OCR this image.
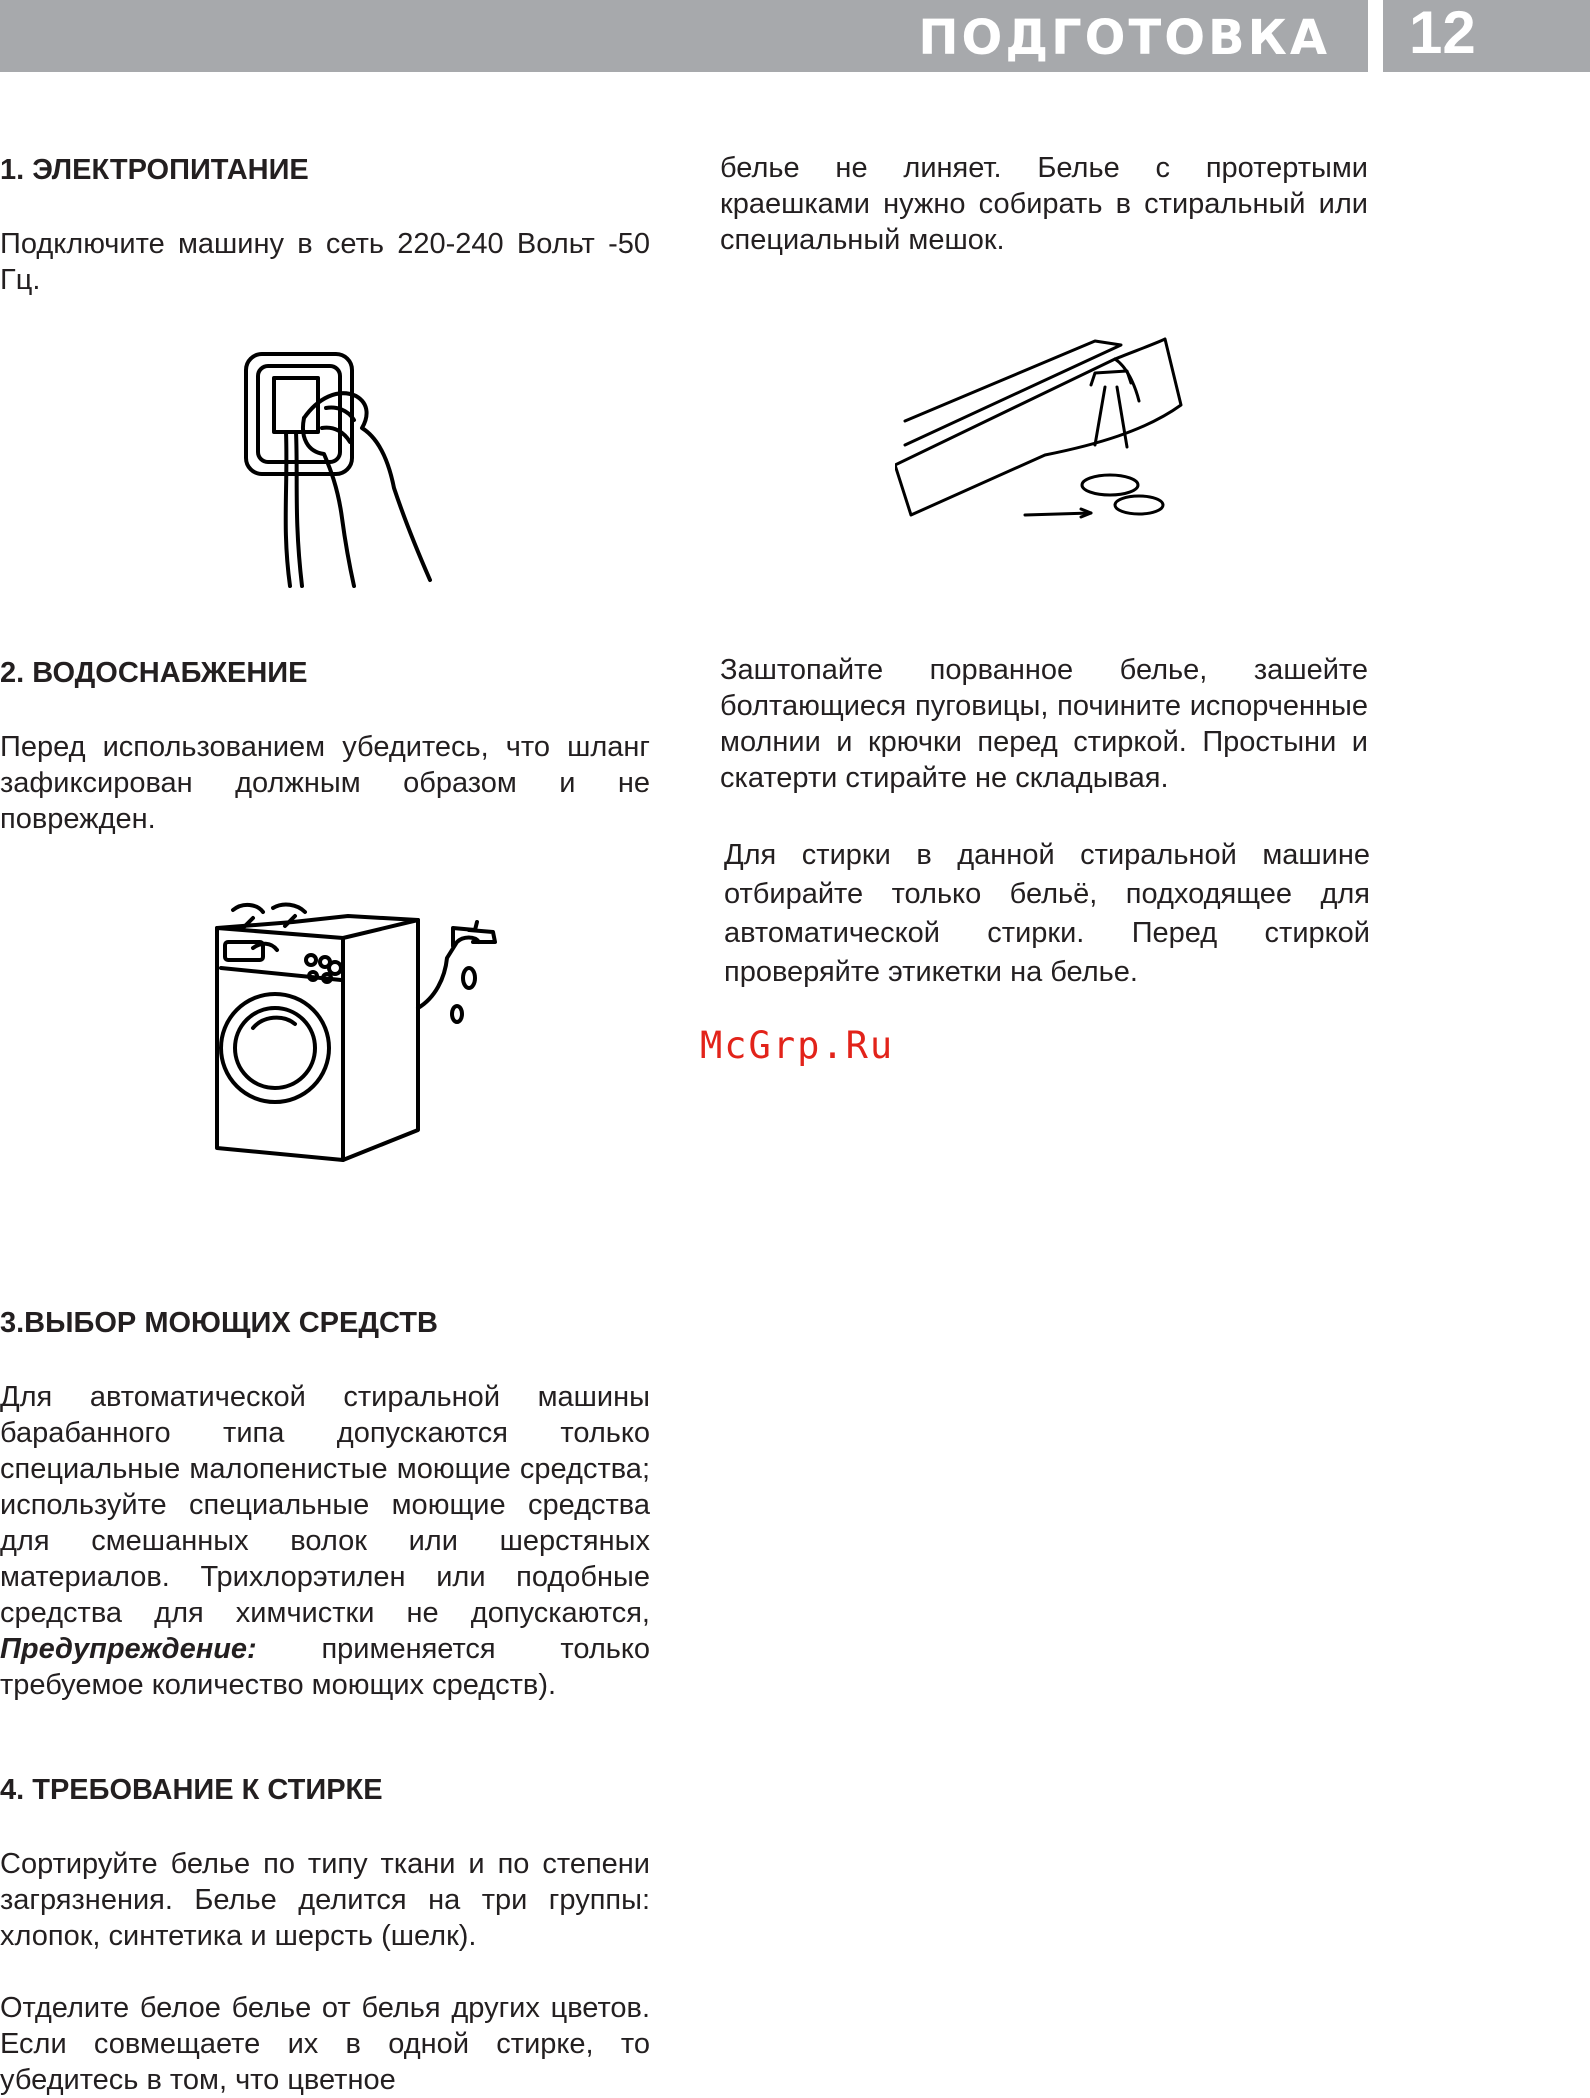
ПОДГОТОВКА 12
1. ЭЛЕКТРОПИТАНИЕ

Подключите машину в сеть 220-240 Вольт -50 Гц.

2. ВОДОСНАБЖЕНИЕ

Перед использованием убедитесь, что шланг зафиксирован должным образом и не поврежден.

3.ВЫБОР МОЮЩИХ СРЕДСТВ

Для автоматической стиральной машины барабанного типа допускаются только специальные малопенистые моющие средства; используйте специальные моющие средства для смешанных волок или шерстяных материалов. Трихлорэтилен или подобные средства для химчистки не допускаются, Предупреждение: применяется только требуемое количество моющих средств).

4. ТРЕБОВАНИЕ К СТИРКЕ

Сортируйте белье по типу ткани и по степени загрязнения. Белье делится на три группы: хлопок, синтетика и шерсть (шелк).

Отделите белое белье от белья других цветов. Если совмещаете их в одной стирке, то убедитесь в том, что цветное

белье не линяет. Белье с протертыми краешками нужно собирать в стиральный или специальный мешок.

Заштопайте порванное белье, зашейте болтающиеся пуговицы, почините испорченные молнии и крючки перед стиркой. Простыни и скатерти стирайте не складывая.

Для стирки в данной стиральной машине отбирайте только бельё, подходящее для автоматической стирки. Перед стиркой проверяйте этикетки на белье.

McGrp.Ru
